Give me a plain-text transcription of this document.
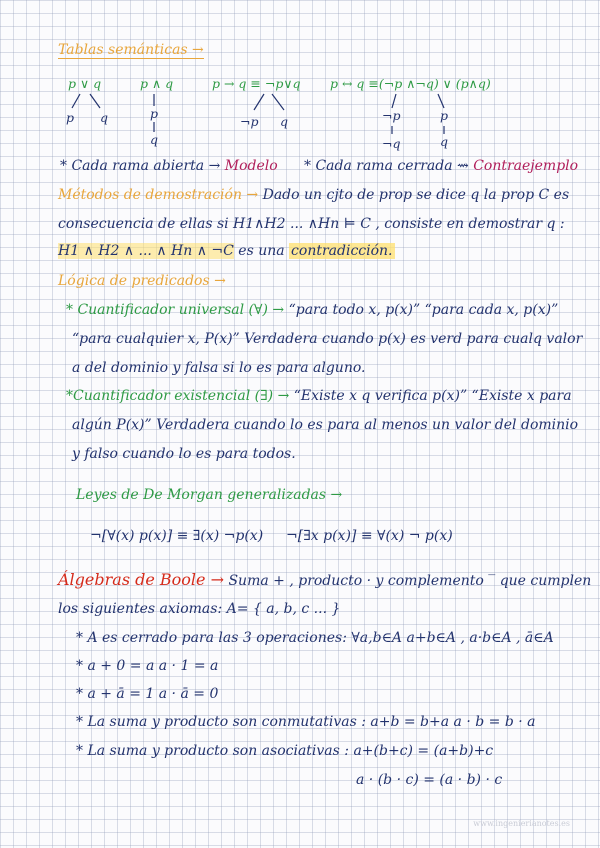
Tablas semánticas →
p ∨ q
p q
p ∧ q
p
q
p → q ≡ ¬p∨q
¬p q
p ↔ q ≡(¬p ∧¬q) ∨ (p∧q)
¬p
¬q
p
q
* Cada rama abierta → Modelo * Cada rama cerrada ⇝ Contraejemplo
Métodos de demostración → Dado un cjto de prop se dice q la prop C es
consecuencia de ellas si H1∧H2 ... ∧Hn ⊨ C , consiste en demostrar q :
H1 ∧ H2 ∧ ... ∧ Hn ∧ ¬C es una contradicción.
Lógica de predicados →
* Cuantificador universal (∀) → “para todo x, p(x)” “para cada x, p(x)”
“para cualquier x, P(x)” Verdadera cuando p(x) es verd para cualq valor
a del dominio y falsa si lo es para alguno.
*Cuantificador existencial (∃) → “Existe x q verifica p(x)” “Existe x para
algún P(x)” Verdadera cuando lo es para al menos un valor del dominio
y falso cuando lo es para todos.
Leyes de De Morgan generalizadas →
¬[∀(x) p(x)] ≡ ∃(x) ¬p(x) ¬[∃x p(x)] ≡ ∀(x) ¬ p(x)
Álgebras de Boole → Suma + , producto · y complemento ‾ que cumplen
los siguientes axiomas: A= { a, b, c ... }
* A es cerrado para las 3 operaciones: ∀a,b∈A a+b∈A , a·b∈A , ā∈A
* a + 0 = a a · 1 = a
* a + ā = 1 a · ā = 0
* La suma y producto son conmutativas : a+b = b+a a · b = b · a
* La suma y producto son asociativas : a+(b+c) = (a+b)+c
a · (b · c) = (a · b) · c
www.ingenierianotes.es
